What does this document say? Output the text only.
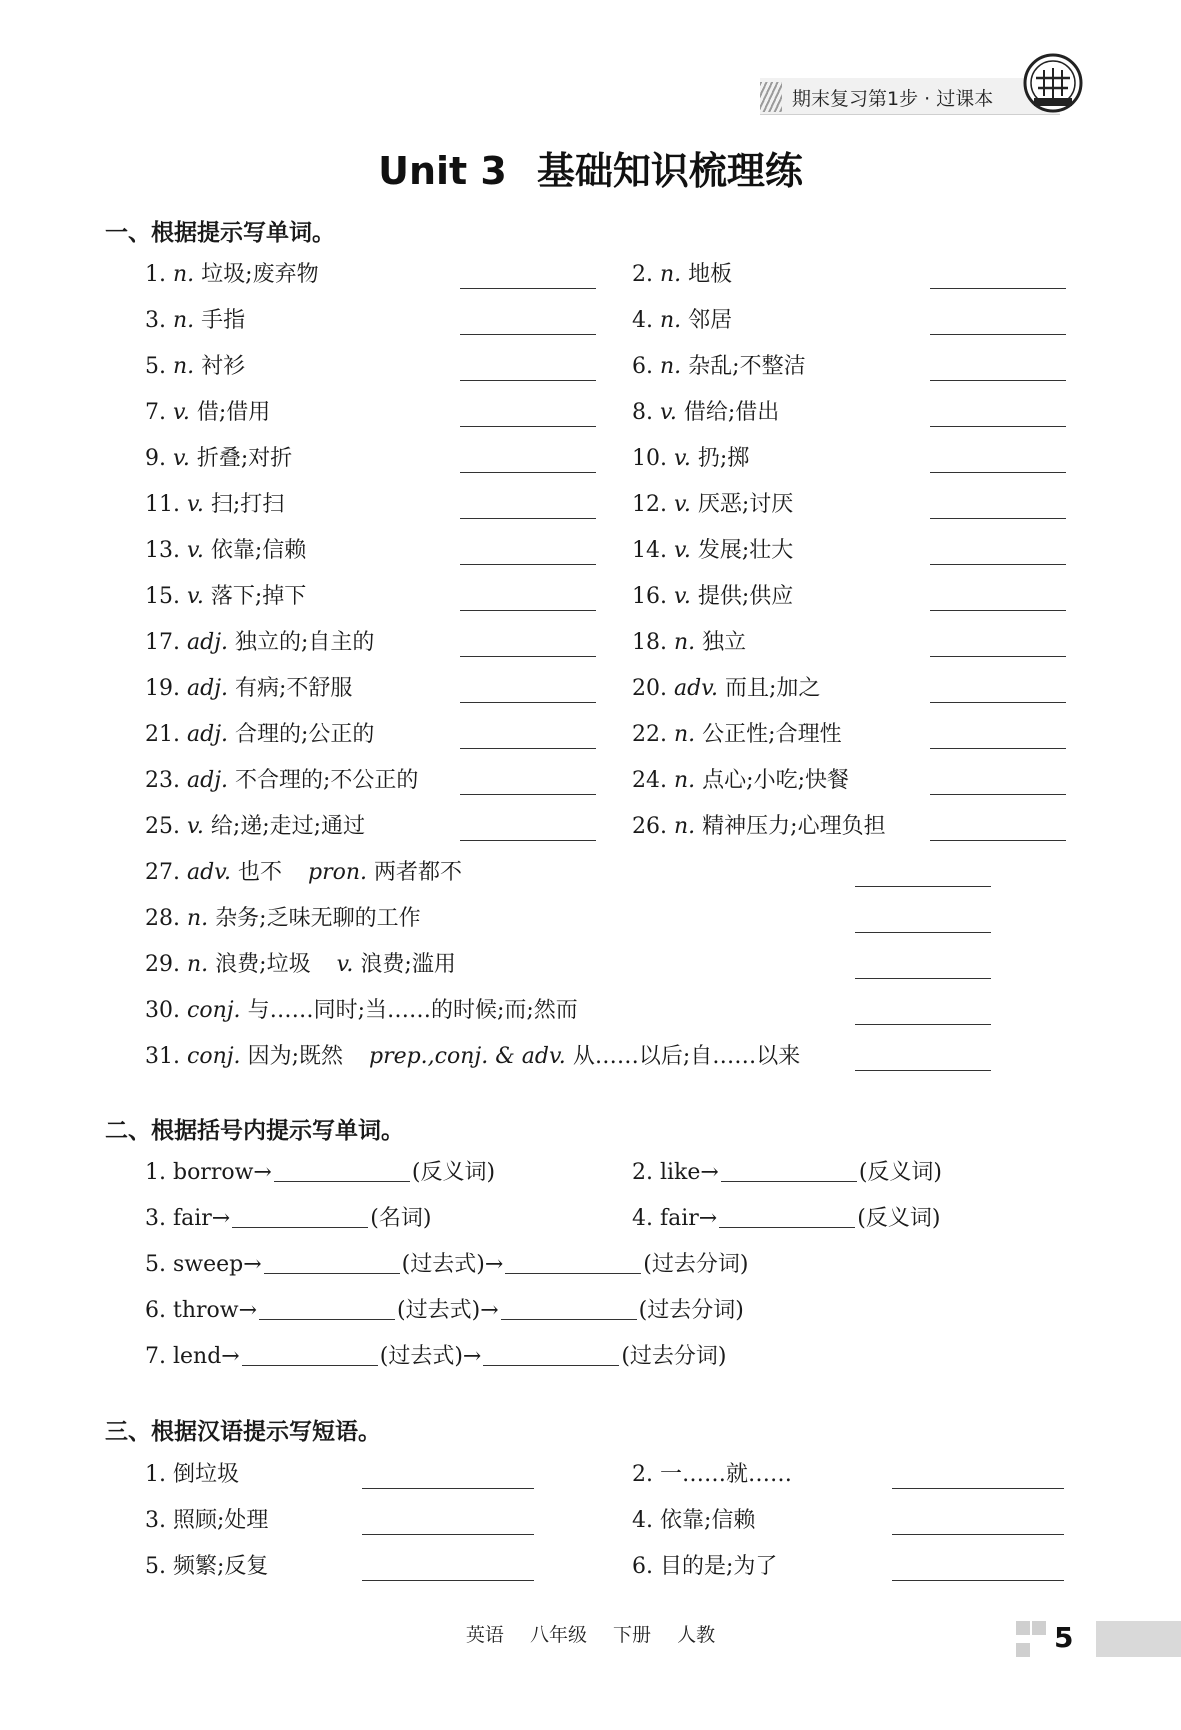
期末复习第1步 · 过课本
Unit 3 基础知识梳理练
一、根据提示写单词。
1. n. 垃圾;废弃物	2. n. 地板
3. n. 手指	4. n. 邻居
5. n. 衬衫	6. n. 杂乱;不整洁
7. v. 借;借用	8. v. 借给;借出
9. v. 折叠;对折	10. v. 扔;掷
11. v. 扫;打扫	12. v. 厌恶;讨厌
13. v. 依靠;信赖	14. v. 发展;壮大
15. v. 落下;掉下	16. v. 提供;供应
17. adj. 独立的;自主的	18. n. 独立
19. adj. 有病;不舒服	20. adv. 而且;加之
21. adj. 合理的;公正的	22. n. 公正性;合理性
23. adj. 不合理的;不公正的	24. n. 点心;小吃;快餐
25. v. 给;递;走过;通过	26. n. 精神压力;心理负担
27. adv. 也不 pron. 两者都不
28. n. 杂务;乏味无聊的工作
29. n. 浪费;垃圾 v. 浪费;滥用
30. conj. 与……同时;当……的时候;而;然而
31. conj. 因为;既然 prep.,conj. & adv. 从……以后;自……以来
二、根据括号内提示写单词。
1. borrow→	(反义词)	2. like→	(反义词)
3. fair→	(名词)	4. fair→	(反义词)
5. sweep→	(过去式)→	(过去分词)
6. throw→	(过去式)→	(过去分词)
7. lend→	(过去式)→	(过去分词)
三、根据汉语提示写短语。
1. 倒垃圾	2. 一……就……
3. 照顾;处理	4. 依靠;信赖
5. 频繁;反复	6. 目的是;为了
英语 八年级 下册 人教	5
